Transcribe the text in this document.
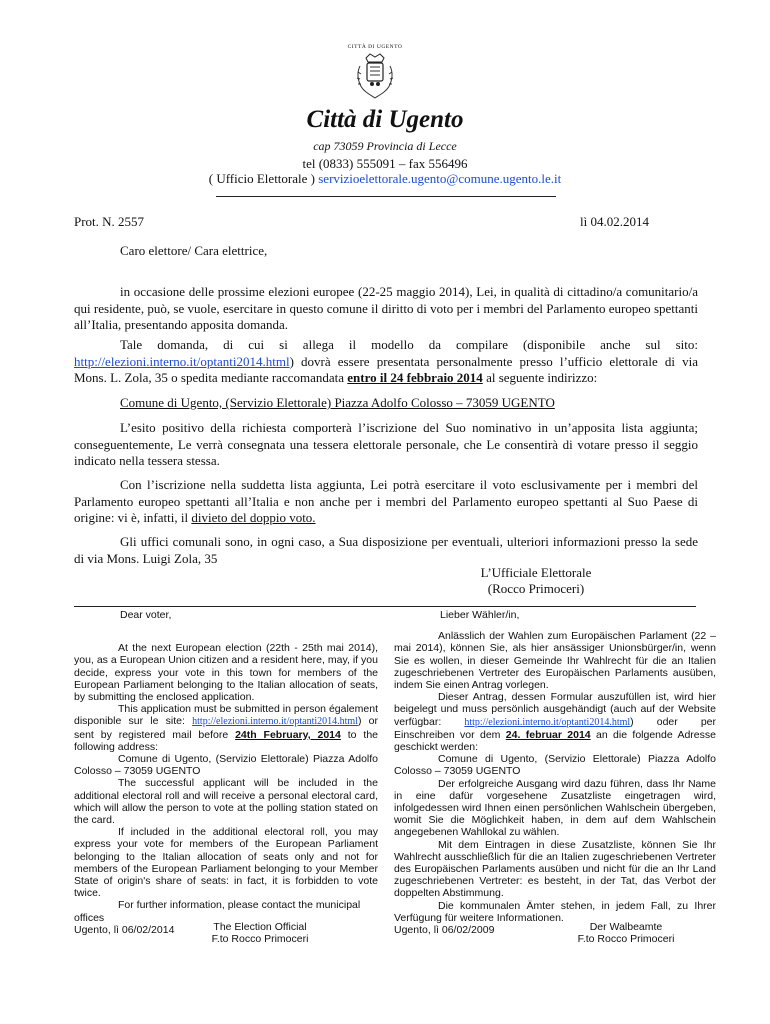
CITTÀ DI UGENTO
Città di Ugento
cap 73059 Provincia di Lecce
tel (0833) 555091 – fax 556496
( Ufficio Elettorale ) servizioelettorale.ugento@comune.ugento.le.it
Prot. N. 2557	lì 04.02.2014
Caro elettore/ Cara elettrice,

in occasione delle prossime elezioni europee (22-25 maggio 2014), Lei, in qualità di cittadino/a comunitario/a qui residente, può, se vuole, esercitare in questo comune il diritto di voto per i membri del Parlamento europeo spettanti all’Italia, presentando apposita domanda.

Tale domanda, di cui si allega il modello da compilare (disponibile anche sul sito: http://elezioni.interno.it/optanti2014.html) dovrà essere presentata personalmente presso l’ufficio elettorale di via Mons. L. Zola, 35 o spedita mediante raccomandata entro il 24 febbraio 2014 al seguente indirizzo:

Comune di Ugento, (Servizio Elettorale) Piazza Adolfo Colosso – 73059 UGENTO

L’esito positivo della richiesta comporterà l’iscrizione del Suo nominativo in un’apposita lista aggiunta; conseguentemente, Le verrà consegnata una tessera elettorale personale, che Le consentirà di votare presso il seggio indicato nella tessera stessa.

Con l’iscrizione nella suddetta lista aggiunta, Lei potrà esercitare il voto esclusivamente per i membri del Parlamento europeo spettanti all’Italia e non anche per i membri del Parlamento europeo spettanti al Suo Paese di origine: vi è, infatti, il divieto del doppio voto.

Gli uffici comunali sono, in ogni caso, a Sua disposizione per eventuali, ulteriori informazioni presso la sede di via Mons. Luigi Zola, 35

L’Ufficiale Elettorale
(Rocco Primoceri)

Dear voter,

At the next European election (22th - 25th mai 2014), you, as a European Union citizen and a resident here, may, if you decide, express your vote in this town for members of the European Parliament belonging to the Italian allocation of seats, by submitting the enclosed application.

This application must be submitted in person également disponible sur le site: http://elezioni.interno.it/optanti2014.html) or sent by registered mail before 24th February, 2014 to the following address:

Comune di Ugento, (Servizio Elettorale) Piazza Adolfo Colosso – 73059 UGENTO

The successful applicant will be included in the additional electoral roll and will receive a personal electoral card, which will allow the person to vote at the polling station stated on the card.

If included in the additional electoral roll, you may express your vote for members of the European Parliament belonging to the Italian allocation of seats only and not for members of the European Parliament belonging to your Member State of origin's share of seats: in fact, it is forbidden to vote twice.

For further information, please contact the municipal offices

Ugento, lì 06/02/2014	The Election Official
F.to Rocco Primoceri

Lieber Wähler/in,

Anlässlich der Wahlen zum Europäischen Parlament (22 – mai 2014), können Sie, als hier ansässiger Unionsbürger/in, wenn Sie es wollen, in dieser Gemeinde Ihr Wahlrecht für die an Italien zugeschriebenen Vertreter des Europäischen Parlaments ausüben, indem Sie einen Antrag vorlegen.

Dieser Antrag, dessen Formular auszufüllen ist, wird hier beigelegt und muss persönlich ausgehändigt (auch auf der Website verfügbar: http://elezioni.interno.it/optanti2014.html) oder per Einschreiben vor dem 24. februar 2014 an die folgende Adresse geschickt werden:

Comune di Ugento, (Servizio Elettorale) Piazza Adolfo Colosso – 73059 UGENTO

Der erfolgreiche Ausgang wird dazu führen, dass Ihr Name in eine dafür vorgesehene Zusatzliste eingetragen wird, infolgedessen wird Ihnen einen persönlichen Wahlschein übergeben, womit Sie die Möglichkeit haben, in dem auf dem Wahlschein angegebenen Wahllokal zu wählen.

Mit dem Eintragen in diese Zusatzliste, können Sie Ihr Wahlrecht ausschließlich für die an Italien zugeschriebenen Vertreter des Europäischen Parlaments ausüben und nicht für die an Ihr Land zugeschriebenen Vertreter: es besteht, in der Tat, das Verbot der doppelten Abstimmung.

Die kommunalen Ämter stehen, in jedem Fall, zu Ihrer Verfügung für weitere Informationen.

Ugento, lì 06/02/2009	Der Walbeamte
F.to Rocco Primoceri
